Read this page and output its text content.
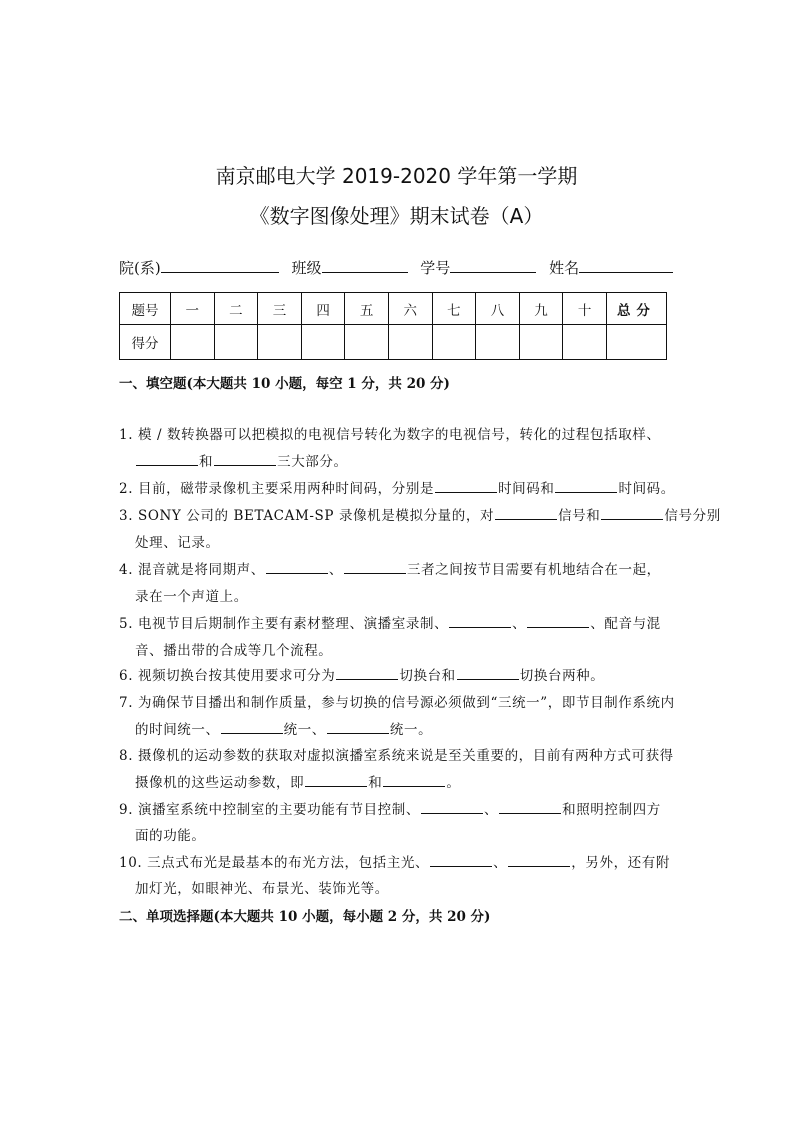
南京邮电大学 2019-2020 学年第一学期
《数字图像处理》期末试卷（A）
院(系)	班级	学号	姓名
题号	一	二	三	四	五	六	七	八	九	十	总分
得分											
一、填空题(本大题共 10 小题，每空 1 分，共 20 分)
1. 模 / 数转换器可以把模拟的电视信号转化为数字的电视信号，转化的过程包括取样、
和	三大部分。
2. 目前，磁带录像机主要采用两种时间码，分别是	时间码和	时间码。
3. SONY 公司的 BETACAM-SP 录像机是模拟分量的，对	信号和	信号分别
处理、记录。
4. 混音就是将同期声、	、	三者之间按节目需要有机地结合在一起，
录在一个声道上。
5. 电视节目后期制作主要有素材整理、演播室录制、	、	、配音与混
音、播出带的合成等几个流程。
6. 视频切换台按其使用要求可分为	切换台和	切换台两种。
7. 为确保节目播出和制作质量，参与切换的信号源必须做到“三统一”，即节目制作系统内
的时间统一、	统一、	统一。
8. 摄像机的运动参数的获取对虚拟演播室系统来说是至关重要的，目前有两种方式可获得
摄像机的这些运动参数，即	和	。
9. 演播室系统中控制室的主要功能有节目控制、	、	和照明控制四方
面的功能。
10. 三点式布光是最基本的布光方法，包括主光、	、	，另外，还有附
加灯光，如眼神光、布景光、装饰光等。
二、单项选择题(本大题共 10 小题，每小题 2 分，共 20 分)
